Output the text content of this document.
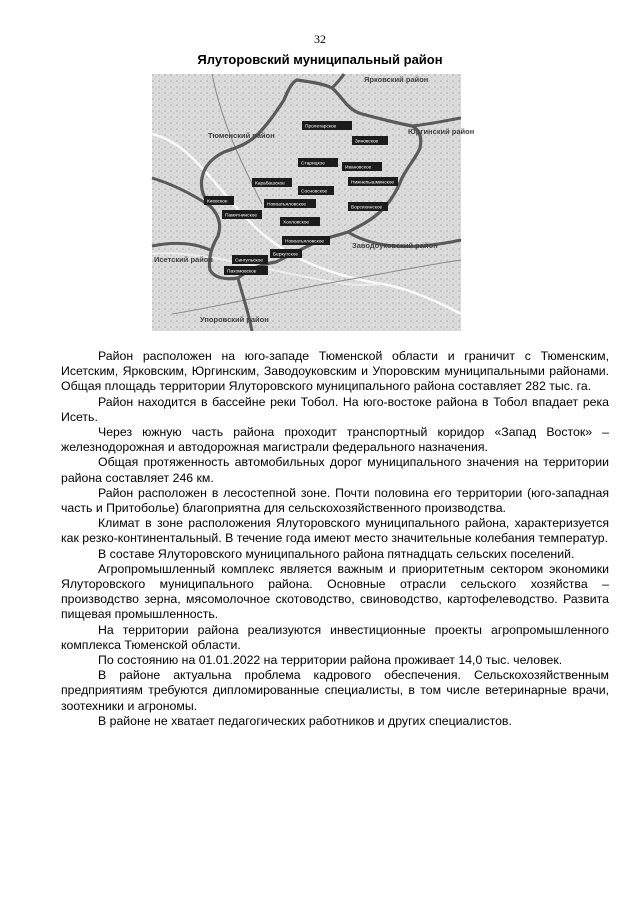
32
Ялуторовский муниципальный район
Ярковский район
Тюменский район	Юргинский район
Заводоуковский район
Исетский район
Упоровский район
Пролетарское
Зиновское
Старицкое
Ивановское
Нижнепышминское
Карабашское
Сосновское
Новоатьяловское
Киевское
Памятнинское
Хохловское
Ворсихинское
Сингульское
Беркутское
Новоатьяловское
Пахомовское

Район расположен на юго-западе Тюменской области и граничит с Тюменским, Исетским, Ярковским, Юргинским, Заводоуковским и Упоровским муниципальными районами. Общая площадь территории Ялуторовского муниципального района составляет 282 тыс. га.

Район находится в бассейне реки Тобол. На юго-востоке района в Тобол впадает река Исеть.

Через южную часть района проходит транспортный коридор «Запад Восток» – железнодорожная и автодорожная магистрали федерального назначения.

Общая протяженность автомобильных дорог муниципального значения на территории района составляет 246 км.

Район расположен в лесостепной зоне. Почти половина его территории (юго-западная часть и Притоболье) благоприятна для сельскохозяйственного производства.

Климат в зоне расположения Ялуторовского муниципального района, характеризуется как резко-континентальный. В течение года имеют место значительные колебания температур.

В составе Ялуторовского муниципального района пятнадцать сельских поселений.

Агропромышленный комплекс является важным и приоритетным сектором экономики Ялуторовского муниципального района. Основные отрасли сельского хозяйства – производство зерна, мясомолочное скотоводство, свиноводство, картофелеводство. Развита пищевая промышленность.

На территории района реализуются инвестиционные проекты агропромышленного комплекса Тюменской области.

По состоянию на 01.01.2022 на территории района проживает 14,0 тыс. человек.

В районе актуальна проблема кадрового обеспечения. Сельскохозяйственным предприятиям требуются дипломированные специалисты, в том числе ветеринарные врачи, зоотехники и агрономы.

В районе не хватает педагогических работников и других специалистов.
